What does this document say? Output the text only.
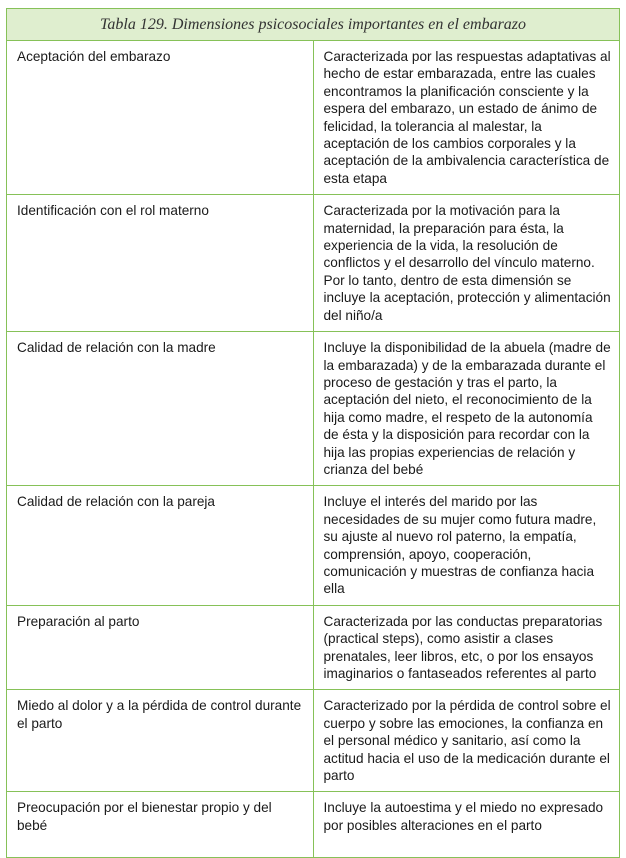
Tabla 129. Dimensiones psicosociales importantes en el embarazo	
Aceptación del embarazo	Caracterizada por las respuestas adaptativas al hecho de estar embarazada, entre las cuales encontramos la planificación consciente y la espera del embarazo, un estado de ánimo de felicidad, la tolerancia al malestar, la aceptación de los cambios corporales y la aceptación de la ambivalencia característica de esta etapa
Identificación con el rol materno	Caracterizada por la motivación para la maternidad, la preparación para ésta, la experiencia de la vida, la resolución de conflictos y el desarrollo del vínculo materno. Por lo tanto, dentro de esta dimensión se incluye la aceptación, protección y alimentación del niño/a
Calidad de relación con la madre	Incluye la disponibilidad de la abuela (madre de la embarazada) y de la embarazada durante el proceso de gestación y tras el parto, la aceptación del nieto, el reconocimiento de la hija como madre, el respeto de la autonomía de ésta y la disposición para recordar con la hija las propias experiencias de relación y crianza del bebé
Calidad de relación con la pareja	Incluye el interés del marido por las necesidades de su mujer como futura madre, su ajuste al nuevo rol paterno, la empatía, comprensión, apoyo, cooperación, comunicación y muestras de confianza hacia ella
Preparación al parto	Caracterizada por las conductas preparatorias (practical steps), como asistir a clases prenatales, leer libros, etc, o por los ensayos imaginarios o fantaseados referentes al parto
Miedo al dolor y a la pérdida de control durante el parto	Caracterizado por la pérdida de control sobre el cuerpo y sobre las emociones, la confianza en el personal médico y sanitario, así como la actitud hacia el uso de la medicación durante el parto
Preocupación por el bienestar propio y del bebé	Incluye la autoestima y el miedo no expresado por posibles alteraciones en el parto
